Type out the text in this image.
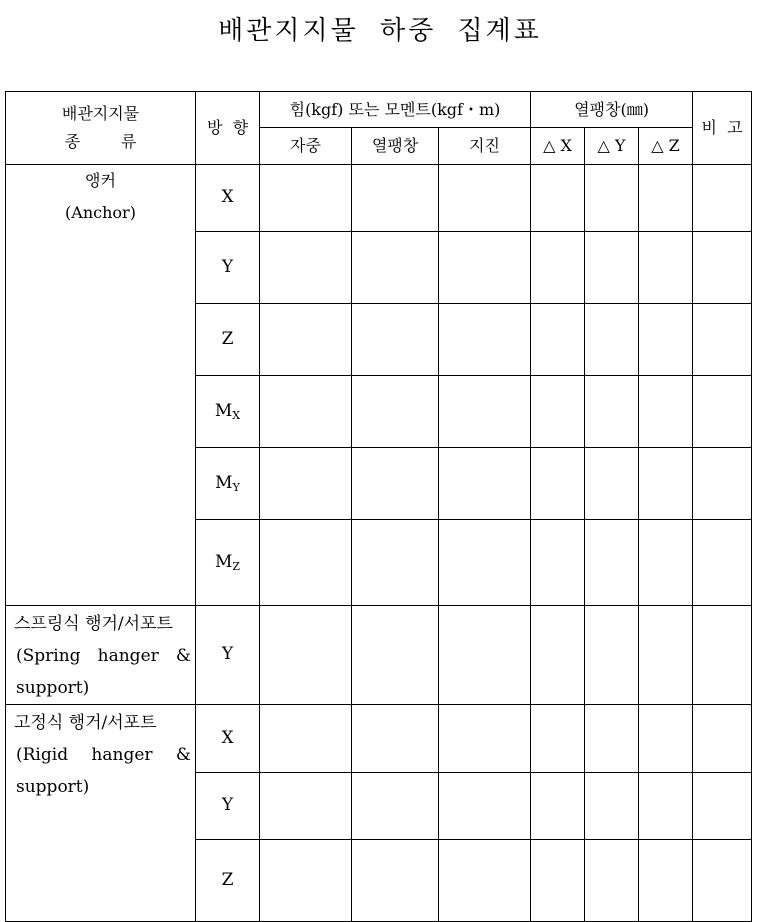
배관지지물 하중 집계표
배관지지물
종        류	방  향	힘(kgf) 또는 모멘트(kgf・m)			열팽창(㎜)			비  고
		자중	열팽창	지진	△ X	△ Y	△ Z	

앵커
(Anchor)	X							
	Y							
	Z							
	$M_X$							
	$M_Y$							
	$M_Z$							

스프링식 행거/서포트
(Spring hanger & support)	Y							

고정식 행거/서포트
(Rigid hanger & support)	X							
	Y							
	Z							
